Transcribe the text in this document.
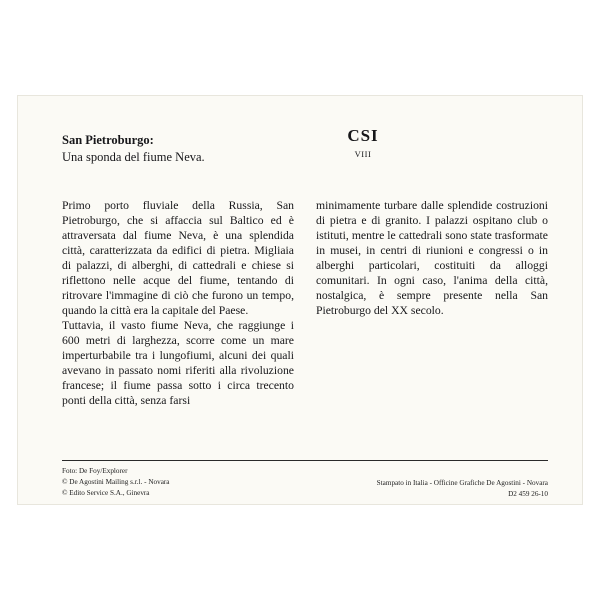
San Pietroburgo:
Una sponda del fiume Neva.
CSI
VIII

Primo porto fluviale della Russia, San Pietroburgo, che si affaccia sul Baltico ed è attraversata dal fiume Neva, è una splendida città, caratterizzata da edifici di pietra. Migliaia di palazzi, di alberghi, di cattedrali e chiese si riflettono nelle acque del fiume, tentando di ritrovare l'immagine di ciò che furono un tempo, quando la città era la capitale del Paese.

Tuttavia, il vasto fiume Neva, che raggiunge i 600 metri di larghezza, scorre come un mare imperturbabile tra i lungofiumi, alcuni dei quali avevano in passato nomi riferiti alla rivoluzione francese; il fiume passa sotto i circa trecento ponti della città, senza farsi

minimamente turbare dalle splendide costruzioni di pietra e di granito. I palazzi ospitano club o istituti, mentre le cattedrali sono state trasformate in musei, in centri di riunioni e congressi o in alberghi particolari, costituiti da alloggi comunitari. In ogni caso, l'anima della città, nostalgica, è sempre presente nella San Pietroburgo del XX secolo.

Foto: De Foy/Explorer
© De Agostini Mailing s.r.l. - Novara
© Edito Service S.A., Ginevra
Stampato in Italia - Officine Grafiche De Agostini - Novara
D2 459 26-10
